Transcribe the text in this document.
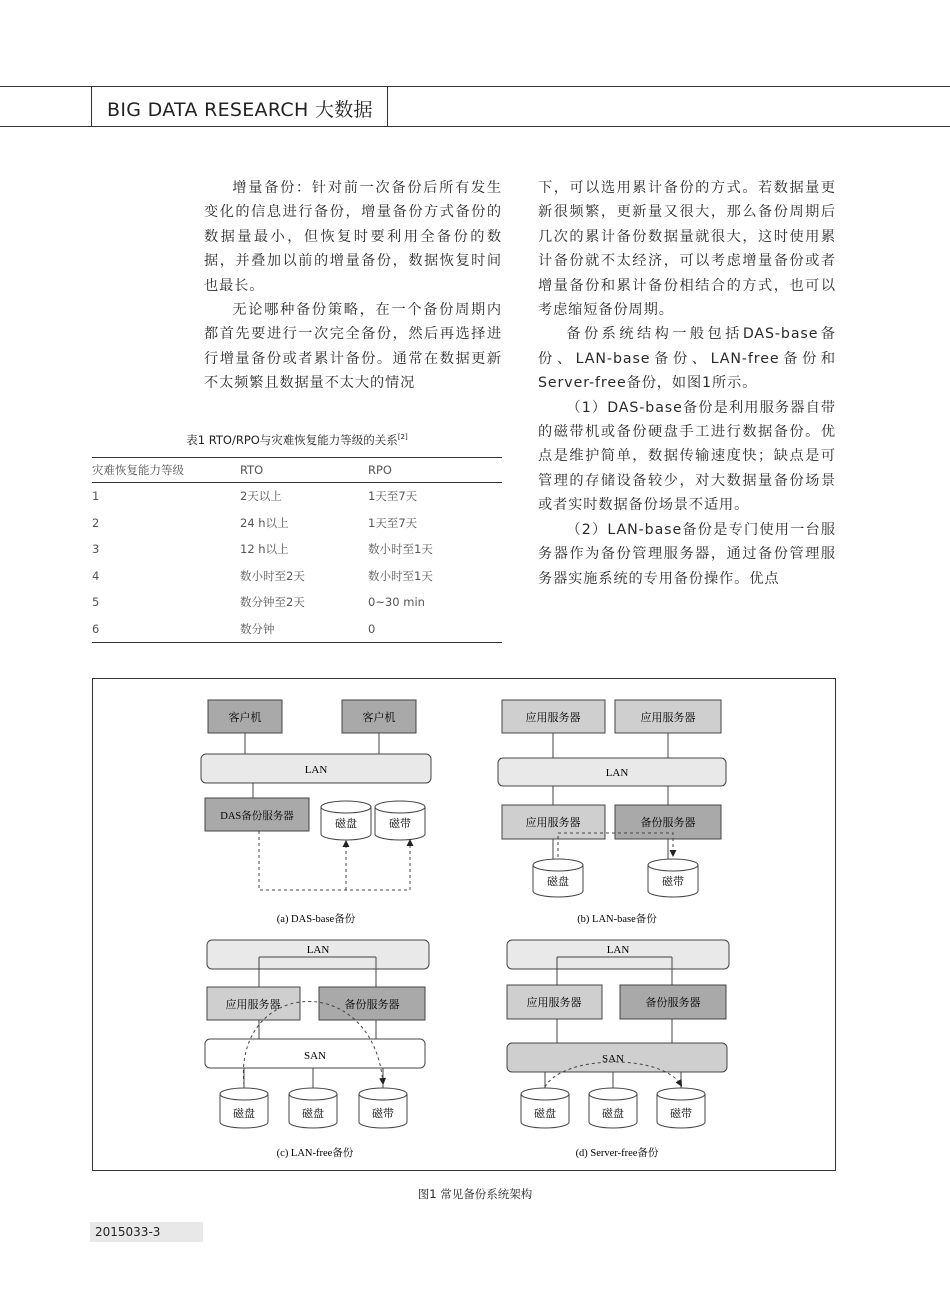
BIG DATA RESEARCH 大数据

增量备份：针对前一次备份后所有发生变化的信息进行备份，增量备份方式备份的数据量最小，但恢复时要利用全备份的数据，并叠加以前的增量备份，数据恢复时间也最长。

无论哪种备份策略，在一个备份周期内都首先要进行一次完全备份，然后再选择进行增量备份或者累计备份。通常在数据更新不太频繁且数据量不太大的情况

下，可以选用累计备份的方式。若数据量更新很频繁，更新量又很大，那么备份周期后几次的累计备份数据量就很大，这时使用累计备份就不太经济，可以考虑增量备份或者增量备份和累计备份相结合的方式，也可以考虑缩短备份周期。

备份系统结构一般包括DAS-base备份、LAN-base备份、LAN-free备份和Server-free备份，如图1所示。

（1）DAS-base备份是利用服务器自带的磁带机或备份硬盘手工进行数据备份。优点是维护简单，数据传输速度快；缺点是可管理的存储设备较少，对大数据量备份场景或者实时数据备份场景不适用。

（2）LAN-base备份是专门使用一台服务器作为备份管理服务器，通过备份管理服务器实施系统的专用备份操作。优点

表1 RTO/RPO与灾难恢复能力等级的关系[2]
灾难恢复能力等级	RTO	RPO
1	2天以上	1天至7天
2	24 h以上	1天至7天
3	12 h以上	数小时至1天
4	数小时至2天	数小时至1天
5	数分钟至2天	0~30 min
6	数分钟	0
客户机	客户机
LAN
DAS备份服务器
磁盘	磁带
(a) DAS-base备份
应用服务器	应用服务器
LAN
应用服务器	备份服务器
磁盘	磁带
(b) LAN-base备份
LAN
应用服务器	备份服务器
SAN
磁盘	磁盘	磁带
(c) LAN-free备份
LAN
应用服务器	备份服务器
SAN
磁盘	磁盘	磁带
(d) Server-free备份
图1 常见备份系统架构
2015033-3
